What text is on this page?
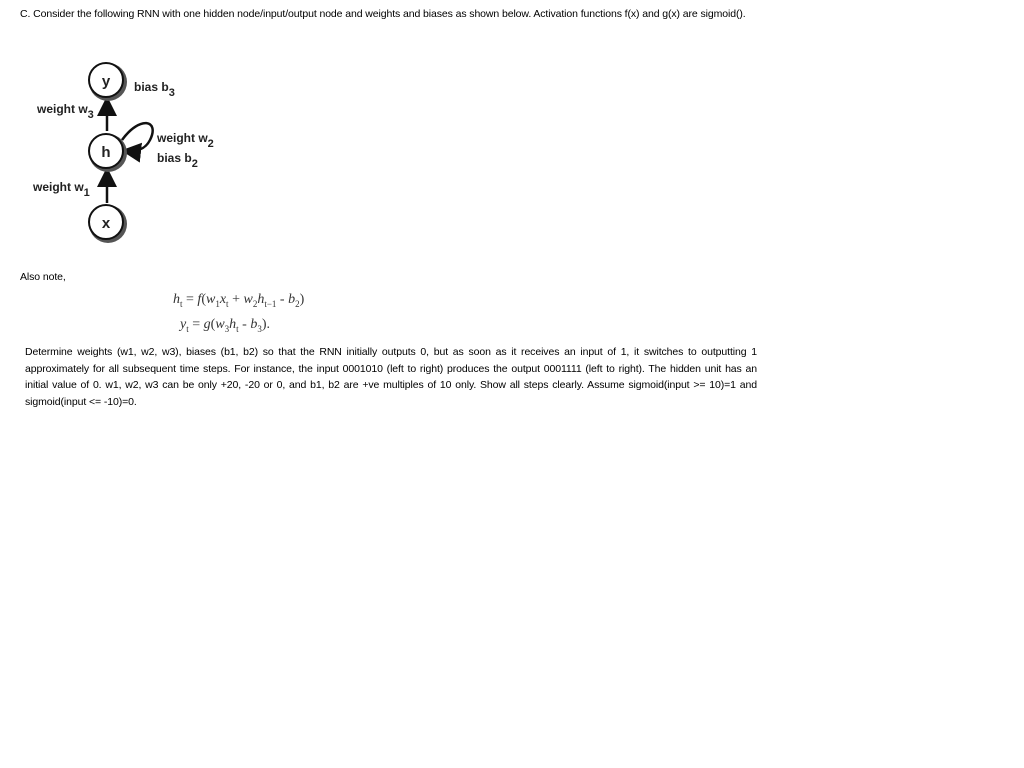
C. Consider the following RNN with one hidden node/input/output node and weights and biases as shown below. Activation functions f(x) and g(x) are sigmoid().
y
h
x
bias b3
weight w3
weight w2
bias b2
weight w1
Also note,
$h_t = f(w_1x_t + w_2h_{t-1} - b_2)$
$y_t = g(w_3h_t - b_3)$.
Determine weights (w1, w2, w3), biases (b1, b2) so that the RNN initially outputs 0, but as soon as it receives an input of 1, it switches to outputting 1 approximately for all subsequent time steps. For instance, the input 0001010 (left to right) produces the output 0001111 (left to right). The hidden unit has an initial value of 0. w1, w2, w3 can be only +20, -20 or 0, and b1, b2 are +ve multiples of 10 only. Show all steps clearly. Assume sigmoid(input >= 10)=1 and sigmoid(input <= -10)=0.
